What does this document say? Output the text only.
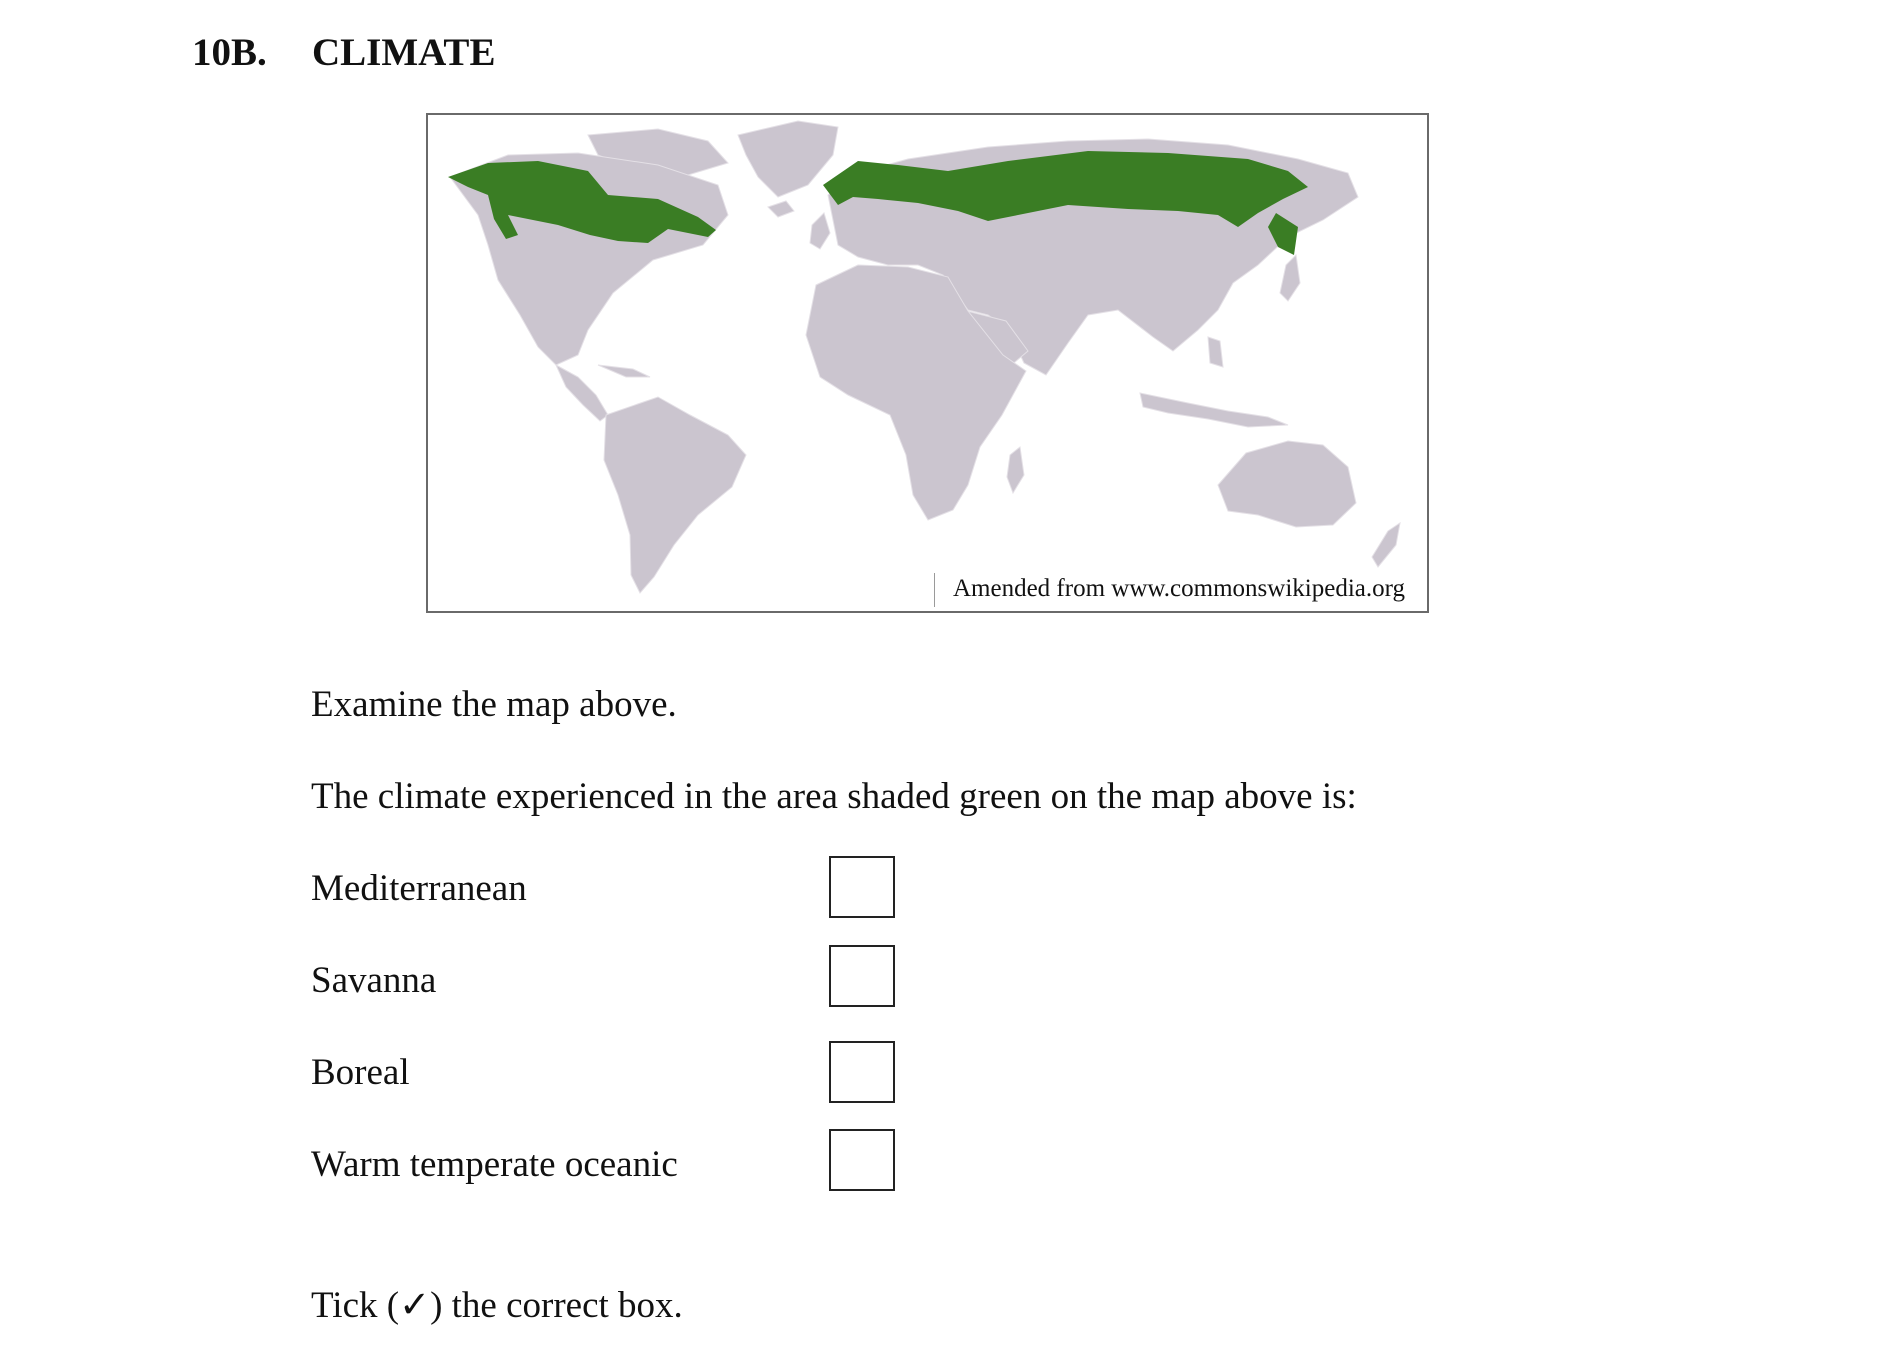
10B.	CLIMATE
Amended from www.commonswikipedia.org
Examine the map above.
The climate experienced in the area shaded green on the map above is:
Mediterranean
Savanna
Boreal
Warm temperate oceanic
Tick (✓) the correct box.
